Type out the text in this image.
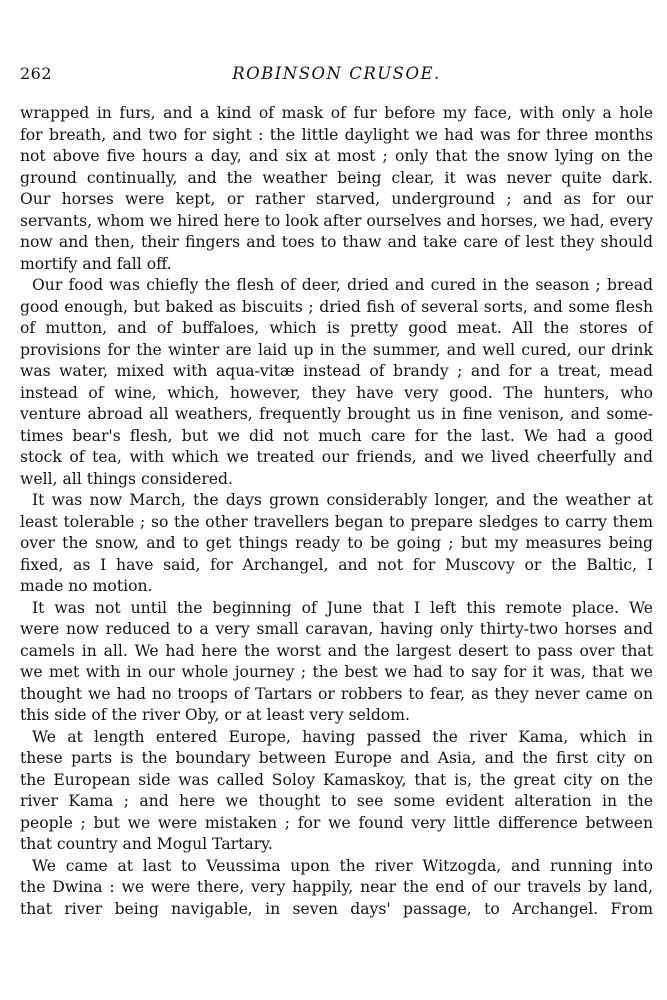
262	ROBINSON CRUSOE.
wrapped in furs, and a kind of mask of fur before my face, with only a hole
for breath, and two for sight : the little daylight we had was for three months
not above five hours a day, and six at most ; only that the snow lying on the
ground continually, and the weather being clear, it was never quite dark.
Our horses were kept, or rather starved, underground ; and as for our
servants, whom we hired here to look after ourselves and horses, we had, every
now and then, their fingers and toes to thaw and take care of lest they should
mortify and fall off.
Our food was chiefly the flesh of deer, dried and cured in the season ; bread
good enough, but baked as biscuits ; dried fish of several sorts, and some flesh
of mutton, and of buffaloes, which is pretty good meat. All the stores of
provisions for the winter are laid up in the summer, and well cured, our drink
was water, mixed with aqua-vitæ instead of brandy ; and for a treat, mead
instead of wine, which, however, they have very good. The hunters, who
venture abroad all weathers, frequently brought us in fine venison, and some-
times bear's flesh, but we did not much care for the last. We had a good
stock of tea, with which we treated our friends, and we lived cheerfully and
well, all things considered.
It was now March, the days grown considerably longer, and the weather at
least tolerable ; so the other travellers began to prepare sledges to carry them
over the snow, and to get things ready to be going ; but my measures being
fixed, as I have said, for Archangel, and not for Muscovy or the Baltic, I
made no motion.
It was not until the beginning of June that I left this remote place. We
were now reduced to a very small caravan, having only thirty-two horses and
camels in all. We had here the worst and the largest desert to pass over that
we met with in our whole journey ; the best we had to say for it was, that we
thought we had no troops of Tartars or robbers to fear, as they never came on
this side of the river Oby, or at least very seldom.
We at length entered Europe, having passed the river Kama, which in
these parts is the boundary between Europe and Asia, and the first city on
the European side was called Soloy Kamaskoy, that is, the great city on the
river Kama ; and here we thought to see some evident alteration in the
people ; but we were mistaken ; for we found very little difference between
that country and Mogul Tartary.
We came at last to Veussima upon the river Witzogda, and running into
the Dwina : we were there, very happily, near the end of our travels by land,
that river being navigable, in seven days' passage, to Archangel. From
